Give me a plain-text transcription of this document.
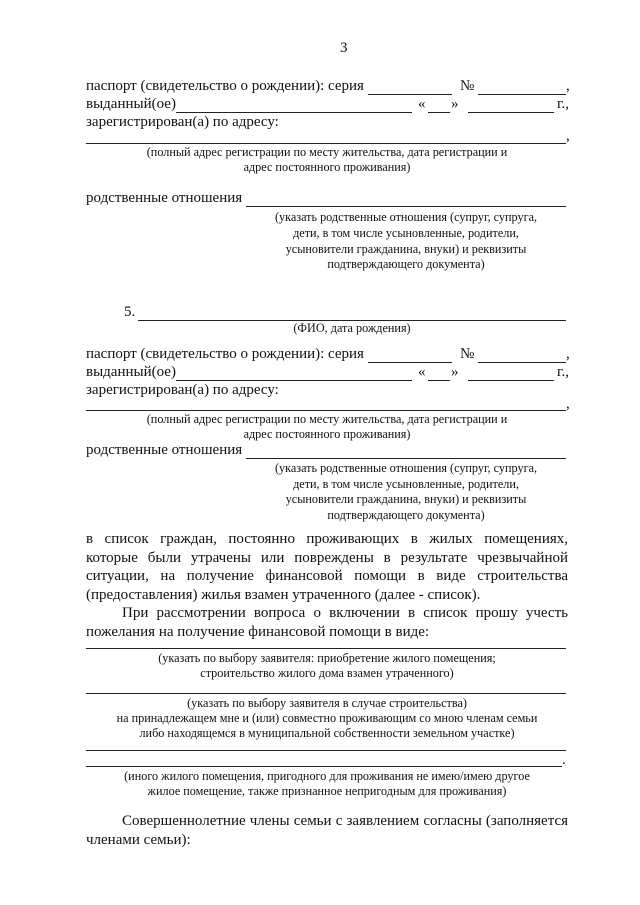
3
паспорт (свидетельство о рождении): серия	№	,
выданный(ое)	« »	г.,
зарегистрирован(а) по адресу:
,
(полный адрес регистрации по месту жительства, дата регистрации и
адрес постоянного проживания)
родственные отношения
(указать родственные отношения (супруг, супруга,
дети, в том числе усыновленные, родители,
усыновители гражданина, внуки) и реквизиты
подтверждающего документа)
5.
(ФИО, дата рождения)
паспорт (свидетельство о рождении): серия	№	,
выданный(ое)	« »	г.,
зарегистрирован(а) по адресу:
,
(полный адрес регистрации по месту жительства, дата регистрации и
адрес постоянного проживания)
родственные отношения
(указать родственные отношения (супруг, супруга,
дети, в том числе усыновленные, родители,
усыновители гражданина, внуки) и реквизиты
подтверждающего документа)
в список граждан, постоянно проживающих в жилых помещениях, которые были утрачены или повреждены в результате чрезвычайной ситуации, на получение финансовой помощи в виде строительства (предоставления) жилья взамен утраченного (далее - список).
При рассмотрении вопроса о включении в список прошу учесть пожелания на получение финансовой помощи в виде:
(указать по выбору заявителя: приобретение жилого помещения;
строительство жилого дома взамен утраченного)
(указать по выбору заявителя в случае строительства)
на принадлежащем мне и (или) совместно проживающим со мною членам семьи
либо находящемся в муниципальной собственности земельном участке)
.
(иного жилого помещения, пригодного для проживания не имею/имею другое
жилое помещение, также признанное непригодным для проживания)
Совершеннолетние члены семьи с заявлением согласны (заполняется членами семьи):
